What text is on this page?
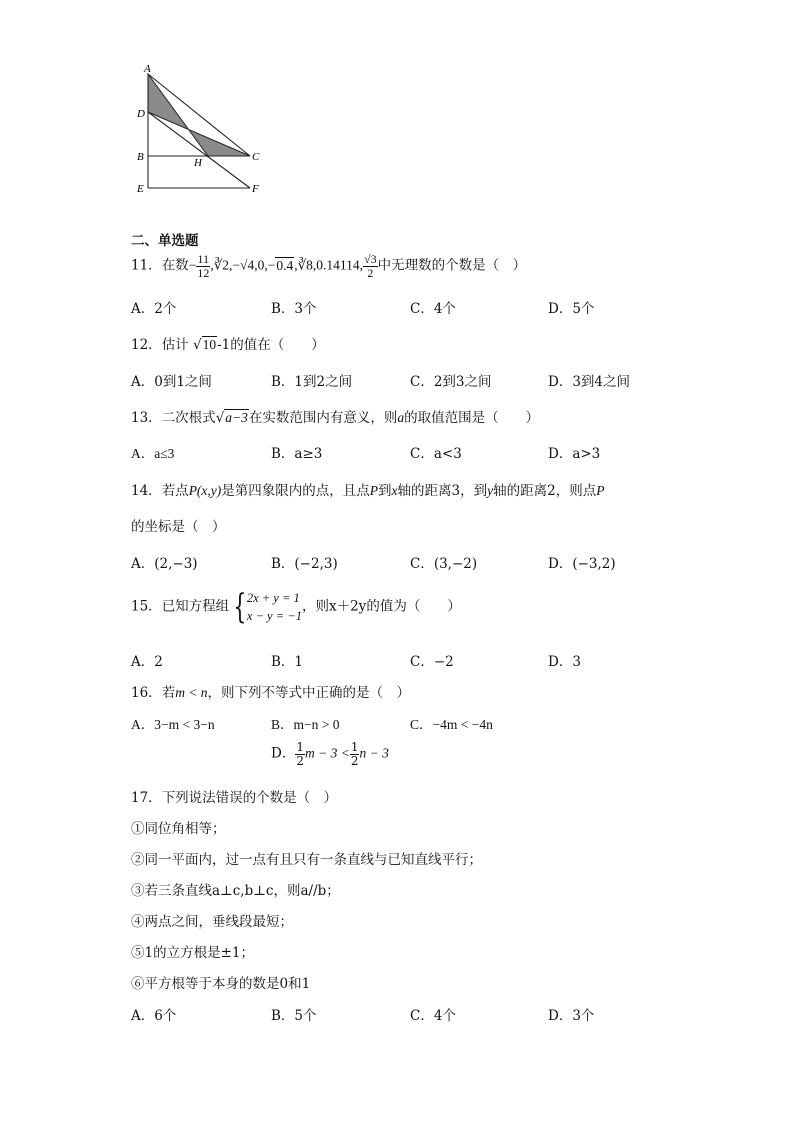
A
D
B	H	C
E	F
二、单选题
11．在数− $\frac{11}{12}$ ,∛2,−√4,0,−0.4,∛8,0.14114, $\frac{√3}{2}$ 中无理数的个数是（　）
A．2个	B．3个	C．4个	D．5个
12．估计 √10-1的值在（　　）
A．0到1之间	B．1到2之间	C．2到3之间	D．3到4之间
13．二次根式√a−3在实数范围内有意义，则a的取值范围是（　　）
A．a≤3	B．a≥3	C．a<3	D．a>3
14．若点P(x,y)是第四象限内的点，且点P到x轴的距离3，到y轴的距离2，则点P
的坐标是（　）
A．(2,−3)	B．(−2,3)	C．(3,−2)	D．(−3,2)
15．已知方程组 { 2x + y = 1
x − y = −1
，则x＋2y的值为（　　）
A．2	B．1	C．−2	D．3
16．若m < n，则下列不等式中正确的是（　）
A．3−m < 3−n	B．m−n > 0	C．−4m < −4n
D． $\frac{1}{2}$ $m - 3 < \frac{1}{2}$ n − 3
17．下列说法错误的个数是（　）
①同位角相等；
②同一平面内，过一点有且只有一条直线与已知直线平行；
③若三条直线a⊥c,b⊥c，则a//b；
④两点之间，垂线段最短；
⑤1的立方根是±1；
⑥平方根等于本身的数是0和1
A．6个	B．5个	C．4个	D．3个
